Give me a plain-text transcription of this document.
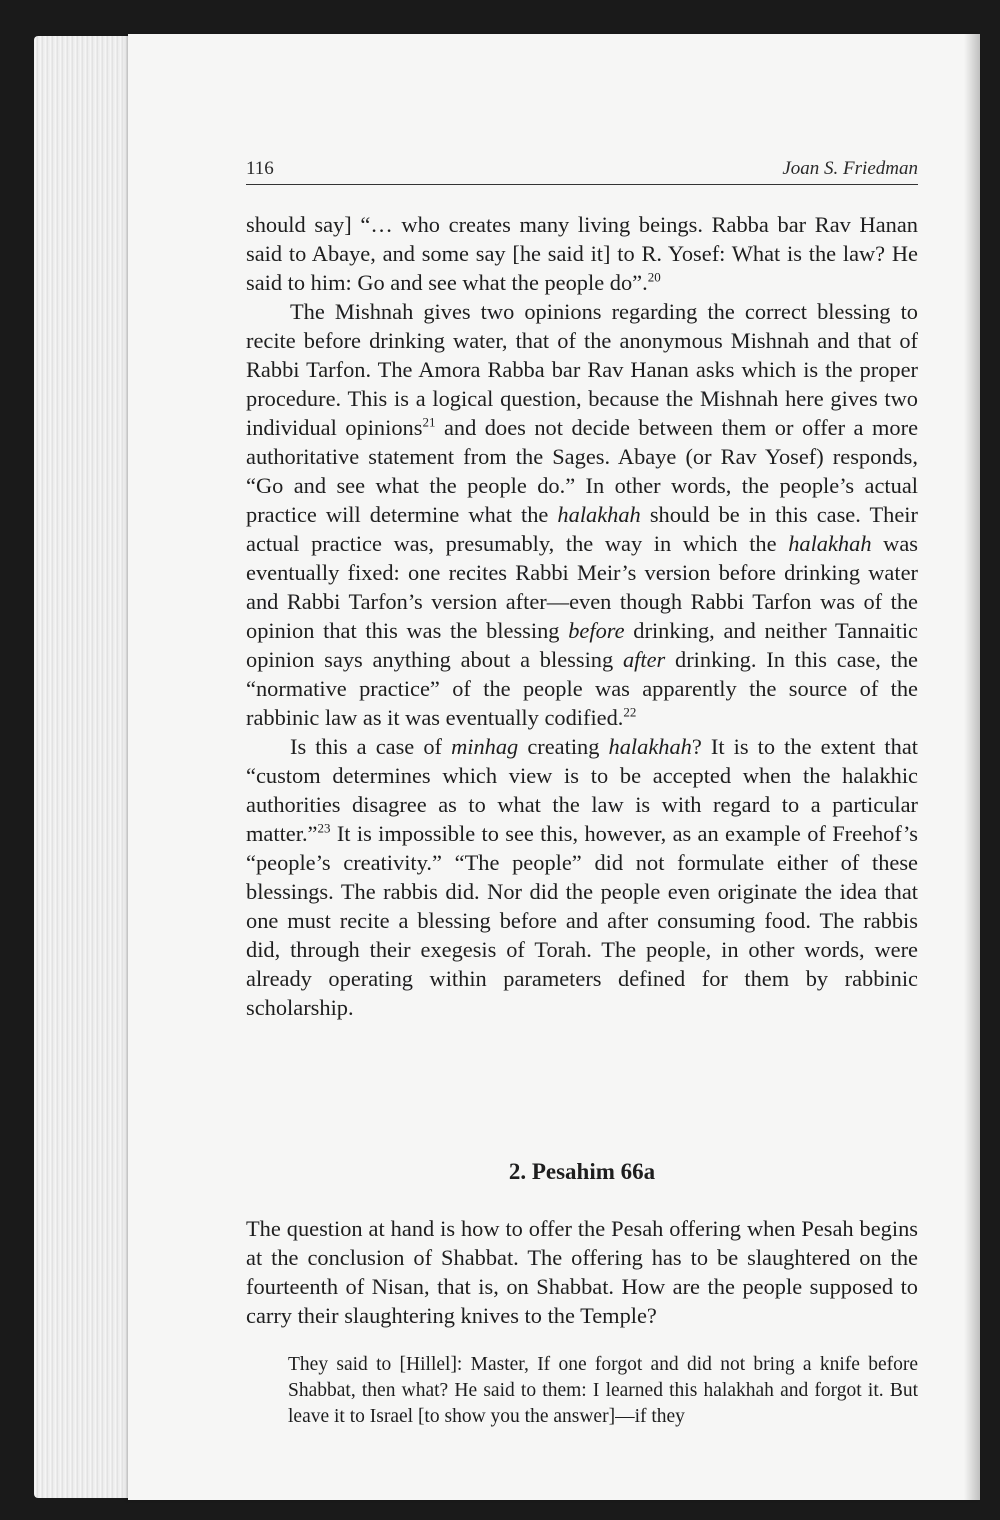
116	Joan S. Friedman

should say] “… who creates many living beings. Rabba bar Rav Hanan said to Abaye, and some say [he said it] to R. Yosef: What is the law? He said to him: Go and see what the people do”.$^{20}$

The Mishnah gives two opinions regarding the correct blessing to recite before drinking water, that of the anonymous Mishnah and that of Rabbi Tarfon. The Amora Rabba bar Rav Hanan asks which is the proper procedure. This is a logical question, because the Mishnah here gives two individual opinions$^{21}$ and does not decide between them or offer a more authoritative statement from the Sages. Abaye (or Rav Yosef) responds, “Go and see what the people do.” In other words, the people’s actual practice will determine what the halakhah should be in this case. Their actual practice was, presumably, the way in which the halakhah was eventually fixed: one recites Rabbi Meir’s version before drinking water and Rabbi Tarfon’s version after—even though Rabbi Tarfon was of the opinion that this was the blessing before drinking, and neither Tannaitic opinion says anything about a blessing after drinking. In this case, the “normative practice” of the people was apparently the source of the rabbinic law as it was eventually codified.$^{22}$

Is this a case of minhag creating halakhah? It is to the extent that “custom determines which view is to be accepted when the halakhic authorities disagree as to what the law is with regard to a particular matter.”$^{23}$ It is impossible to see this, however, as an example of Freehof’s “people’s creativity.” “The people” did not formulate either of these blessings. The rabbis did. Nor did the people even originate the idea that one must recite a blessing before and after consuming food. The rabbis did, through their exegesis of Torah. The people, in other words, were already operating within parameters defined for them by rabbinic scholarship.

2. Pesahim 66a

The question at hand is how to offer the Pesah offering when Pesah begins at the conclusion of Shabbat. The offering has to be slaughtered on the fourteenth of Nisan, that is, on Shabbat. How are the people supposed to carry their slaughtering knives to the Temple?

They said to [Hillel]: Master, If one forgot and did not bring a knife before Shabbat, then what? He said to them: I learned this halakhah and forgot it. But leave it to Israel [to show you the answer]—if they
